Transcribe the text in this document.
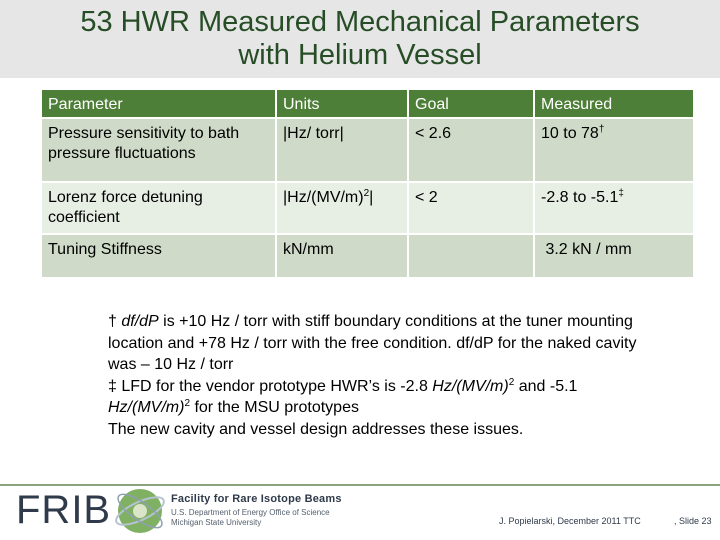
53 HWR Measured Mechanical Parameters
with Helium Vessel
Parameter	Units	Goal	Measured
Pressure sensitivity to bath pressure fluctuations	|Hz/ torr|	< 2.6	10 to 78†
Lorenz force detuning coefficient	$|Hz/(MV/m)^2|$	< 2	-2.8 to -5.1‡
Tuning Stiffness	kN/mm		3.2 kN / mm
† df/dP is +10 Hz / torr with stiff boundary conditions at the tuner mounting location and +78 Hz / torr with the free condition. df/dP for the naked cavity was – 10 Hz / torr
‡ LFD for the vendor prototype HWR’s is -2.8 $Hz/(MV/m)^2$ and -5.1 $Hz/(MV/m)^2$ for the MSU prototypes
The new cavity and vessel design addresses these issues.
FRIB	Facility for Rare Isotope Beams
U.S. Department of Energy Office of Science
Michigan State University	J. Popielarski, December 2011 TTC	, Slide 23
